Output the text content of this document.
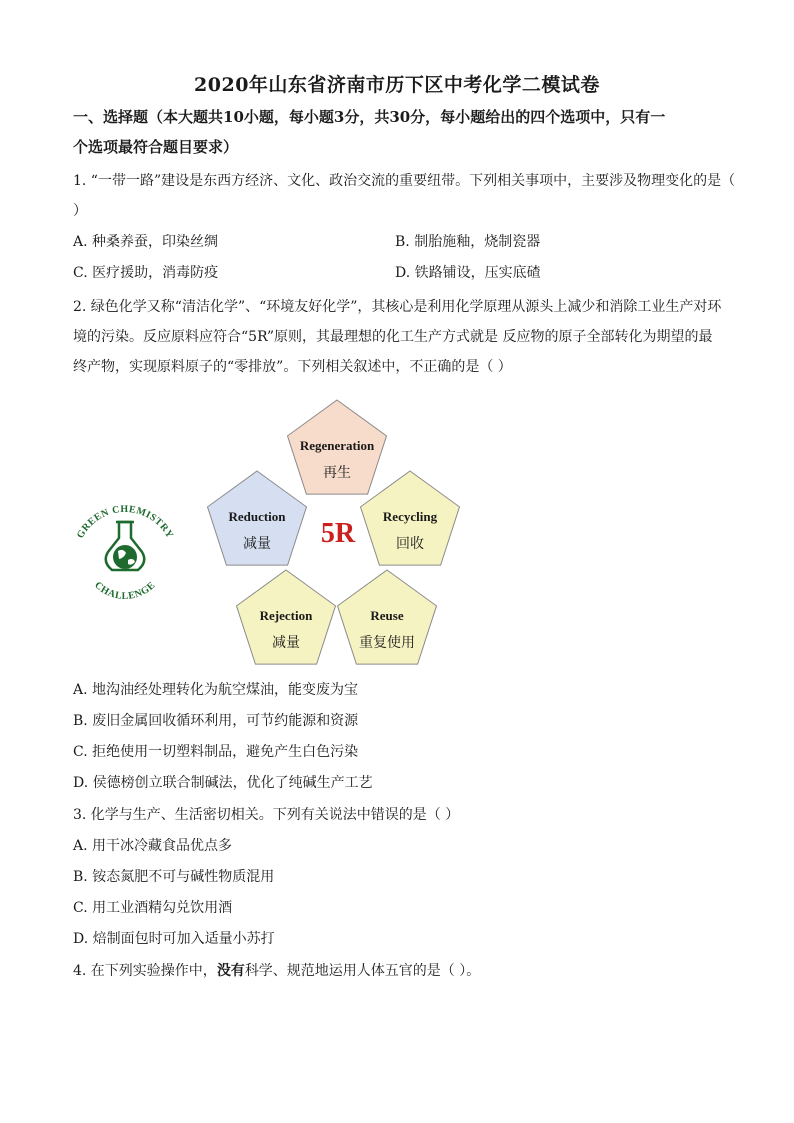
2020年山东省济南市历下区中考化学二模试卷
一、选择题（本大题共10小题，每小题3分，共30分，每小题给出的四个选项中，只有一
个选项最符合题目要求）
1. “一带一路”建设是东西方经济、文化、政治交流的重要纽带。下列相关事项中，主要涉及物理变化的是（
）
A. 种桑养蚕，印染丝绸	B. 制胎施釉，烧制瓷器
C. 医疗援助，消毒防疫	D. 铁路铺设，压实底碴
2. 绿色化学又称“清洁化学”、“环境友好化学”，其核心是利用化学原理从源头上减少和消除工业生产对环
境的污染。反应原料应符合“5R”原则，其最理想的化工生产方式就是 反应物的原子全部转化为期望的最
终产物，实现原料原子的“零排放”。下列相关叙述中，不正确的是（ ）
GREEN CHEMISTRY
CHALLENGE
Regeneration
再生
Reduction
减量
Recycling
回收
Rejection
减量
Reuse
重复使用
5R
A. 地沟油经处理转化为航空煤油，能变废为宝
B. 废旧金属回收循环利用，可节约能源和资源
C. 拒绝使用一切塑料制品，避免产生白色污染
D. 侯德榜创立联合制碱法，优化了纯碱生产工艺
3. 化学与生产、生活密切相关。下列有关说法中错误的是（ ）
A. 用干冰冷藏食品优点多
B. 铵态氮肥不可与碱性物质混用
C. 用工业酒精勾兑饮用酒
D. 焙制面包时可加入适量小苏打
4. 在下列实验操作中，没有科学、规范地运用人体五官的是（ ）。
